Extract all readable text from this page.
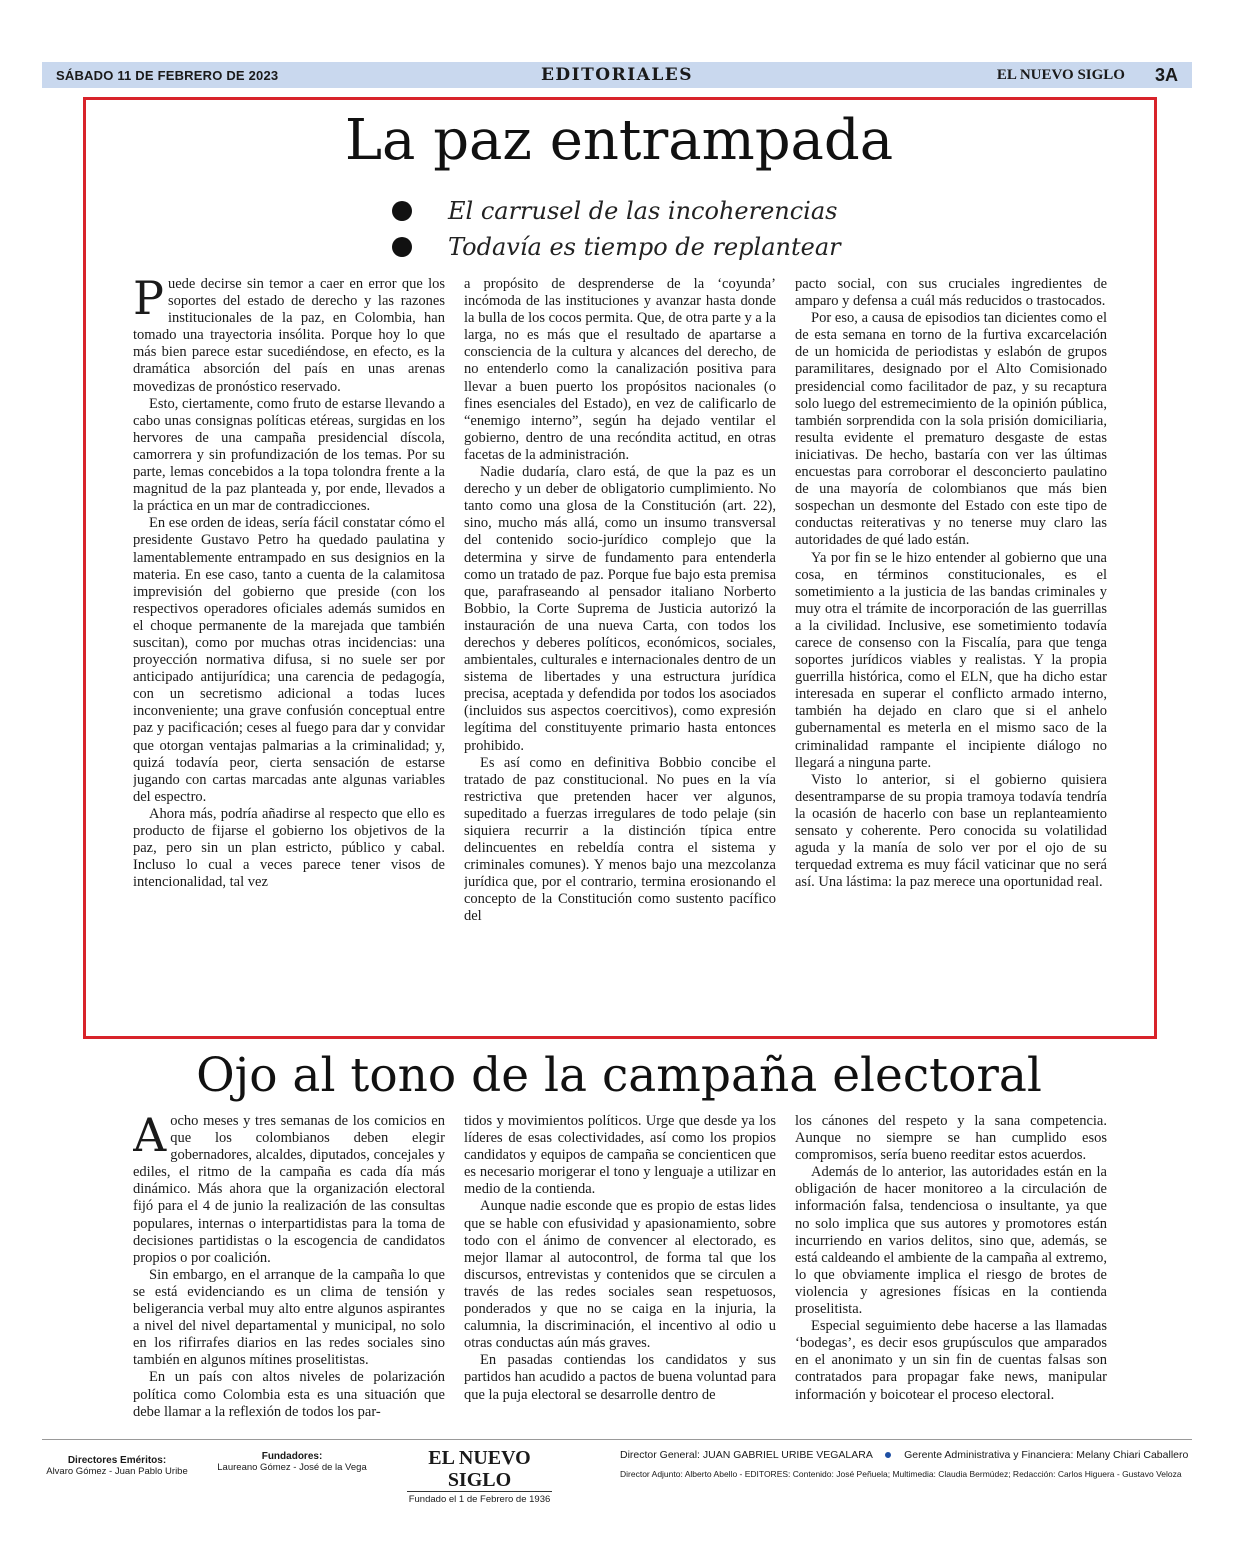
SÁBADO 11 DE FEBRERO DE 2023	EDITORIALES	EL NUEVO SIGLO 3A
La paz entrampada
El carrusel de las incoherencias
Todavía es tiempo de replantear

Puede decirse sin temor a caer en error que los soportes del estado de derecho y las razones institucionales de la paz, en Colombia, han tomado una trayectoria insólita. Porque hoy lo que más bien parece estar sucediéndose, en efecto, es la dramática absorción del país en unas arenas movedizas de pronóstico reservado.

Esto, ciertamente, como fruto de estarse llevando a cabo unas consignas políticas etéreas, surgidas en los hervores de una campaña presidencial díscola, camorrera y sin profundización de los temas. Por su parte, lemas concebidos a la topa tolondra frente a la magnitud de la paz planteada y, por ende, llevados a la práctica en un mar de contradicciones.

En ese orden de ideas, sería fácil constatar cómo el presidente Gustavo Petro ha quedado paulatina y lamentablemente entrampado en sus designios en la materia. En ese caso, tanto a cuenta de la calamitosa imprevisión del gobierno que preside (con los respectivos operadores oficiales además sumidos en el choque permanente de la marejada que también suscitan), como por muchas otras incidencias: una proyección normativa difusa, si no suele ser por anticipado antijurídica; una carencia de pedagogía, con un secretismo adicional a todas luces inconveniente; una grave confusión conceptual entre paz y pacificación; ceses al fuego para dar y convidar que otorgan ventajas palmarias a la criminalidad; y, quizá todavía peor, cierta sensación de estarse jugando con cartas marcadas ante algunas variables del espectro.

Ahora más, podría añadirse al respecto que ello es producto de fijarse el gobierno los objetivos de la paz, pero sin un plan estricto, público y cabal. Incluso lo cual a veces parece tener visos de intencionalidad, tal vez

a propósito de desprenderse de la ‘coyunda’ incómoda de las instituciones y avanzar hasta donde la bulla de los cocos permita. Que, de otra parte y a la larga, no es más que el resultado de apartarse a consciencia de la cultura y alcances del derecho, de no entenderlo como la canalización positiva para llevar a buen puerto los propósitos nacionales (o fines esenciales del Estado), en vez de calificarlo de “enemigo interno”, según ha dejado ventilar el gobierno, dentro de una recóndita actitud, en otras facetas de la administración.

Nadie dudaría, claro está, de que la paz es un derecho y un deber de obligatorio cumplimiento. No tanto como una glosa de la Constitución (art. 22), sino, mucho más allá, como un insumo transversal del contenido socio-jurídico complejo que la determina y sirve de fundamento para entenderla como un tratado de paz. Porque fue bajo esta premisa que, parafraseando al pensador italiano Norberto Bobbio, la Corte Suprema de Justicia autorizó la instauración de una nueva Carta, con todos los derechos y deberes políticos, económicos, sociales, ambientales, culturales e internacionales dentro de un sistema de libertades y una estructura jurídica precisa, aceptada y defendida por todos los asociados (incluidos sus aspectos coercitivos), como expresión legítima del constituyente primario hasta entonces prohibido.

Es así como en definitiva Bobbio concibe el tratado de paz constitucional. No pues en la vía restrictiva que pretenden hacer ver algunos, supeditado a fuerzas irregulares de todo pelaje (sin siquiera recurrir a la distinción típica entre delincuentes en rebeldía contra el sistema y criminales comunes). Y menos bajo una mezcolanza jurídica que, por el contrario, termina erosionando el concepto de la Constitución como sustento pacífico del

pacto social, con sus cruciales ingredientes de amparo y defensa a cuál más reducidos o trastocados.

Por eso, a causa de episodios tan dicientes como el de esta semana en torno de la furtiva excarcelación de un homicida de periodistas y eslabón de grupos paramilitares, designado por el Alto Comisionado presidencial como facilitador de paz, y su recaptura solo luego del estremecimiento de la opinión pública, también sorprendida con la sola prisión domiciliaria, resulta evidente el prematuro desgaste de estas iniciativas. De hecho, bastaría con ver las últimas encuestas para corroborar el desconcierto paulatino de una mayoría de colombianos que más bien sospechan un desmonte del Estado con este tipo de conductas reiterativas y no tenerse muy claro las autoridades de qué lado están.

Ya por fin se le hizo entender al gobierno que una cosa, en términos constitucionales, es el sometimiento a la justicia de las bandas criminales y muy otra el trámite de incorporación de las guerrillas a la civilidad. Inclusive, ese sometimiento todavía carece de consenso con la Fiscalía, para que tenga soportes jurídicos viables y realistas. Y la propia guerrilla histórica, como el ELN, que ha dicho estar interesada en superar el conflicto armado interno, también ha dejado en claro que si el anhelo gubernamental es meterla en el mismo saco de la criminalidad rampante el incipiente diálogo no llegará a ninguna parte.

Visto lo anterior, si el gobierno quisiera desentramparse de su propia tramoya todavía tendría la ocasión de hacerlo con base un replanteamiento sensato y coherente. Pero conocida su volatilidad aguda y la manía de solo ver por el ojo de su terquedad extrema es muy fácil vaticinar que no será así. Una lástima: la paz merece una oportunidad real.

Ojo al tono de la campaña electoral

Aocho meses y tres semanas de los comicios en que los colombianos deben elegir gobernadores, alcaldes, diputados, concejales y ediles, el ritmo de la campaña es cada día más dinámico. Más ahora que la organización electoral fijó para el 4 de junio la realización de las consultas populares, internas o interpartidistas para la toma de decisiones partidistas o la escogencia de candidatos propios o por coalición.

Sin embargo, en el arranque de la campaña lo que se está evidenciando es un clima de tensión y beligerancia verbal muy alto entre algunos aspirantes a nivel del nivel departamental y municipal, no solo en los rifirrafes diarios en las redes sociales sino también en algunos mítines proselitistas.

En un país con altos niveles de polarización política como Colombia esta es una situación que debe llamar a la reflexión de todos los par-

tidos y movimientos políticos. Urge que desde ya los líderes de esas colectividades, así como los propios candidatos y equipos de campaña se concienticen que es necesario morigerar el tono y lenguaje a utilizar en medio de la contienda.

Aunque nadie esconde que es propio de estas lides que se hable con efusividad y apasionamiento, sobre todo con el ánimo de convencer al electorado, es mejor llamar al autocontrol, de forma tal que los discursos, entrevistas y contenidos que se circulen a través de las redes sociales sean respetuosos, ponderados y que no se caiga en la injuria, la calumnia, la discriminación, el incentivo al odio u otras conductas aún más graves.

En pasadas contiendas los candidatos y sus partidos han acudido a pactos de buena voluntad para que la puja electoral se desarrolle dentro de

los cánones del respeto y la sana competencia. Aunque no siempre se han cumplido esos compromisos, sería bueno reeditar estos acuerdos.

Además de lo anterior, las autoridades están en la obligación de hacer monitoreo a la circulación de información falsa, tendenciosa o insultante, ya que no solo implica que sus autores y promotores están incurriendo en varios delitos, sino que, además, se está caldeando el ambiente de la campaña al extremo, lo que obviamente implica el riesgo de brotes de violencia y agresiones físicas en la contienda proselitista.

Especial seguimiento debe hacerse a las llamadas ‘bodegas’, es decir esos grupúsculos que amparados en el anonimato y un sin fin de cuentas falsas son contratados para propagar fake news, manipular información y boicotear el proceso electoral.

Directores Eméritos:
Alvaro Gómez - Juan Pablo Uribe
Fundadores:
Laureano Gómez - José de la Vega	EL NUEVO SIGLO
Fundado el 1 de Febrero de 1936
Director General: JUAN GABRIEL URIBE VEGALARA	Gerente Administrativa y Financiera: Melany Chiari Caballero
Director Adjunto: Alberto Abello - EDITORES: Contenido: José Peñuela; Multimedia: Claudia Bermúdez; Redacción: Carlos Higuera - Gustavo Veloza
